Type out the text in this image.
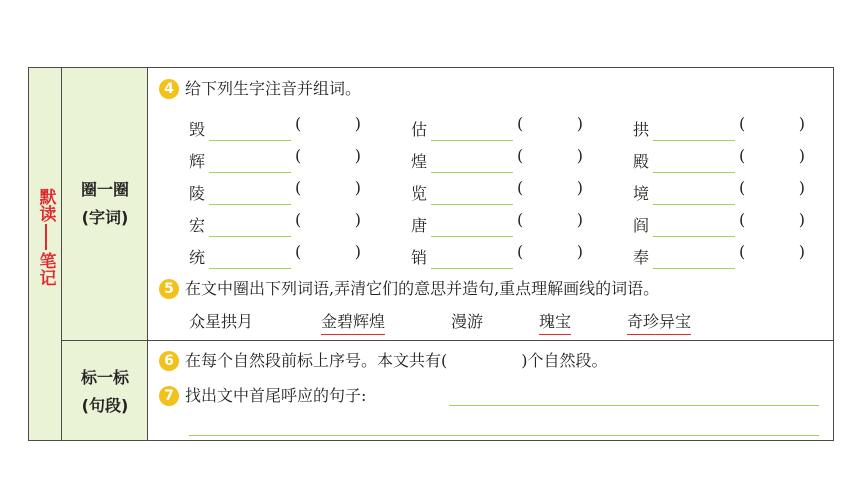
默读
笔记
圈一圈
(字词)
标一标
(句段)
4 给下列生字注音并组词。
毁	(	)	估	(	)	拱	(	)
辉	(	)	煌	(	)	殿	(	)
陵	(	)	览	(	)	境	(	)
宏	(	)	唐	(	)	阎	(	)
统	(	)	销	(	)	奉	(	)
5 在文中圈出下列词语,弄清它们的意思并造句,重点理解画线的词语。
众星拱月	金碧辉煌	漫游	瑰宝	奇珍异宝
6 在每个自然段前标上序号。本文共有(	)个自然段。
7 找出文中首尾呼应的句子:
